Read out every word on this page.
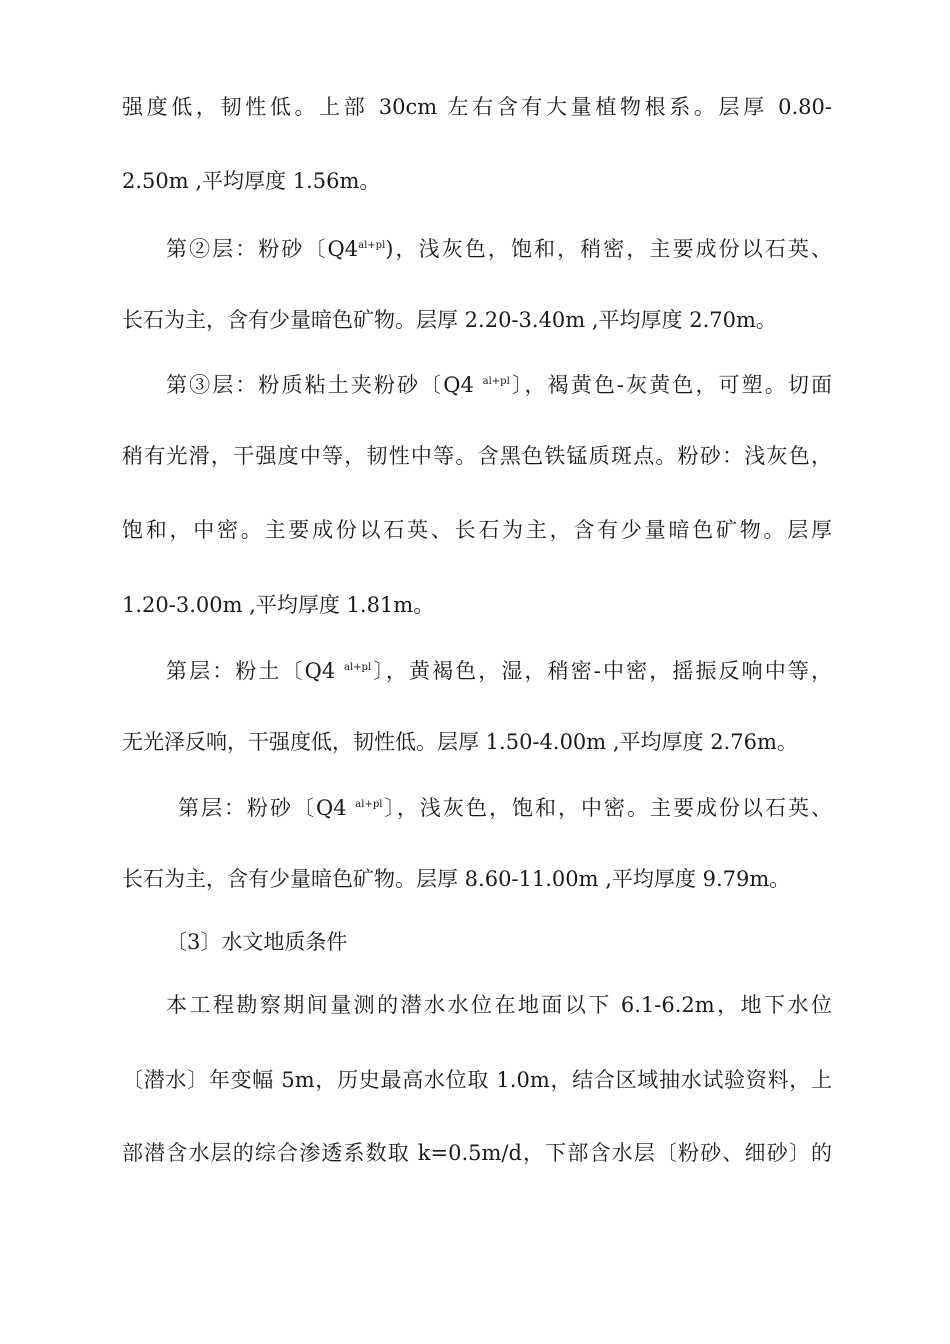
强度低，韧性低。上部 30cm 左右含有大量植物根系。层厚 0.80-
2.50m ,平均厚度 1.56m。
第②层：粉砂〔$Q4^{al+pl}$)，浅灰色，饱和，稍密，主要成份以石英、
长石为主，含有少量暗色矿物。层厚 2.20-3.40m ,平均厚度 2.70m。
第③层：粉质粘土夹粉砂〔Q4 $^{al+pl}$〕，褐黄色-灰黄色，可塑。切面
稍有光滑，干强度中等，韧性中等。含黑色铁锰质斑点。粉砂：浅灰色，
饱和，中密。主要成份以石英、长石为主，含有少量暗色矿物。层厚
1.20-3.00m ,平均厚度 1.81m。
第层：粉土〔Q4 $^{al+pl}$〕，黄褐色，湿，稍密-中密，摇振反响中等，
无光泽反响，干强度低，韧性低。层厚 1.50-4.00m ,平均厚度 2.76m。
第层：粉砂〔Q4 $^{al+pl}$〕，浅灰色，饱和，中密。主要成份以石英、
长石为主，含有少量暗色矿物。层厚 8.60-11.00m ,平均厚度 9.79m。
〔3〕水文地质条件
本工程勘察期间量测的潜水水位在地面以下 6.1-6.2m，地下水位
〔潜水〕年变幅 5m，历史最高水位取 1.0m，结合区域抽水试验资料，上
部潜含水层的综合渗透系数取 k=0.5m/d，下部含水层〔粉砂、细砂〕的
